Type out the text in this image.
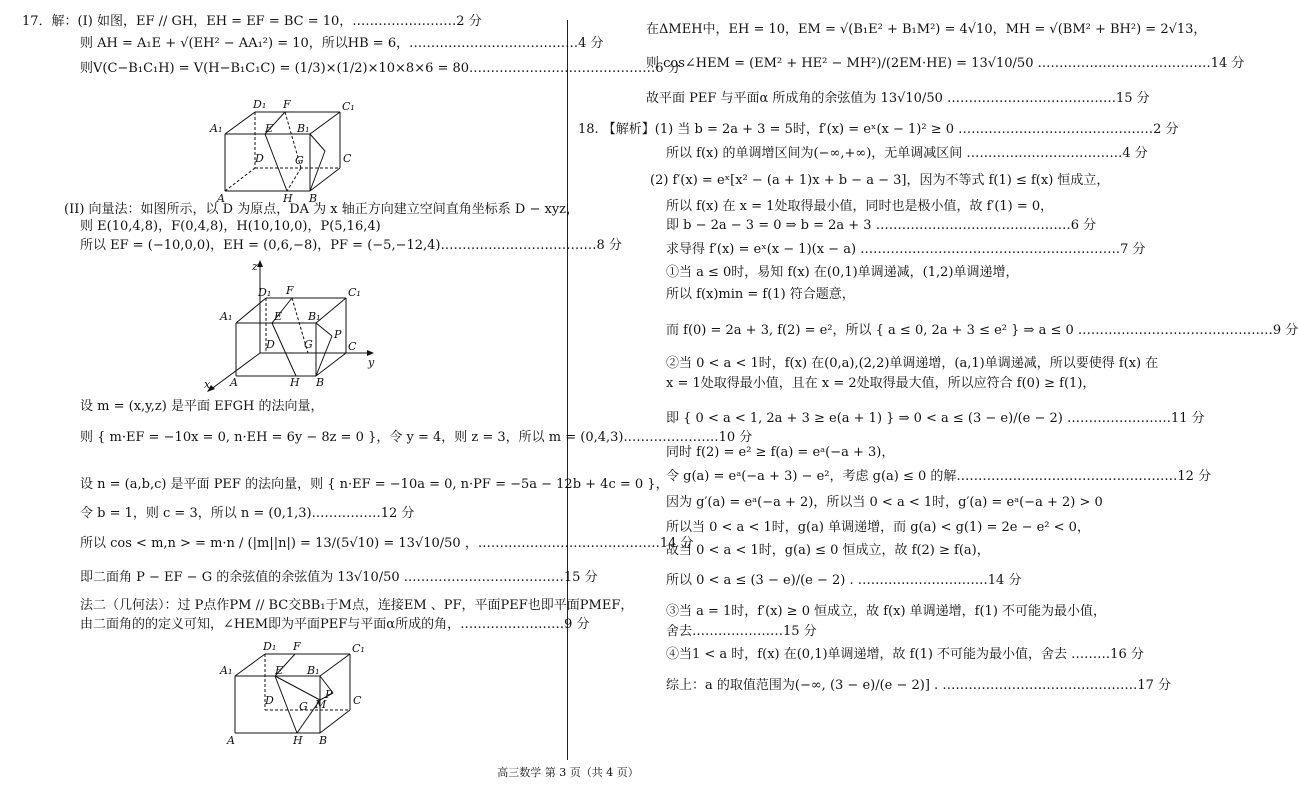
17．解：(I) 如图，EF // GH，EH = EF = BC = 10，……………………2 分
则 AH = A₁E + √(EH² − AA₁²) = 10，所以HB = 6，…………………………………4 分
则V(C−B₁C₁H) = V(H−B₁C₁C) = (1/3)×(1/2)×10×8×6 = 80.……………………………………6 分
(II) 向量法：如图所示，以 D 为原点，DA 为 x 轴正方向建立空间直角坐标系 D − xyz，
则 E(10,4,8)，F(0,4,8)，H(10,10,0)，P(5,16,4)
所以 EF = (−10,0,0)，EH = (0,6,−8)，PF = (−5,−12,4)………………………………8 分
设 m = (x,y,z) 是平面 EFGH 的法向量，
则 { m·EF = −10x = 0, n·EH = 6y − 8z = 0 }，令 y = 4，则 z = 3，所以 m = (0,4,3).…………………10 分
设 n = (a,b,c) 是平面 PEF 的法向量，则 { n·EF = −10a = 0, n·PF = −5a − 12b + 4c = 0 }，
令 b = 1，则 c = 3，所以 n = (0,1,3).……………12 分
所以 cos < m,n > = m·n / (|m||n|) = 13/(5√10) = 13√10/50 ，……………………………………14 分
即二面角 P − EF − G 的余弦值的余弦值为 13√10/50 .………………………………15 分
法二（几何法）：过 P点作PM // BC交BB₁于M点，连接EM 、PF，平面PEF也即平面PMEF，
由二面角的的定义可知，∠HEM即为平面PEF与平面α所成的角，……………………9 分
在ΔMEH中，EH = 10，EM = √(B₁E² + B₁M²) = 4√10，MH = √(BM² + BH²) = 2√13，
则 cos∠HEM = (EM² + HE² − MH²)/(2EM·HE) = 13√10/50 .…………………………………14 分
故平面 PEF 与平面α 所成角的余弦值为 13√10/50 …………………………………15 分
18. 【解析】(1) 当 b = 2a + 3 = 5时，f′(x) = eˣ(x − 1)² ≥ 0 ………………………………………2 分
所以 f(x) 的单调增区间为(−∞,+∞)，无单调减区间 ………………………………4 分
(2) f′(x) = eˣ[x² − (a + 1)x + b − a − 3]，因为不等式 f(1) ≤ f(x) 恒成立，
所以 f(x) 在 x = 1处取得最小值，同时也是极小值，故 f′(1) = 0，
即 b − 2a − 3 = 0 ⇒ b = 2a + 3 ………………………………………6 分
求导得 f′(x) = eˣ(x − 1)(x − a) ……………………………………………………7 分
①当 a ≤ 0时，易知 f(x) 在(0,1)单调递减，(1,2)单调递增，
所以 f(x)min = f(1) 符合题意，
而 f(0) = 2a + 3, f(2) = e²，所以 { a ≤ 0, 2a + 3 ≤ e² } ⇒ a ≤ 0 ………………………………………9 分
②当 0 < a < 1时，f(x) 在(0,a),(2,2)单调递增，(a,1)单调递减，所以要使得 f(x) 在
x = 1处取得最小值，且在 x = 2处取得最大值，所以应符合 f(0) ≥ f(1)，
即 { 0 < a < 1, 2a + 3 ≥ e(a + 1) } ⇒ 0 < a ≤ (3 − e)/(e − 2) ……………………11 分
同时 f(2) = e² ≥ f(a) = eᵃ(−a + 3)，
令 g(a) = eᵃ(−a + 3) − e²，考虑 g(a) ≤ 0 的解……………………………………………12 分
因为 g′(a) = eᵃ(−a + 2)，所以当 0 < a < 1时，g′(a) = eᵃ(−a + 2) > 0
所以当 0 < a < 1时，g(a) 单调递增，而 g(a) < g(1) = 2e − e² < 0，
故当 0 < a < 1时，g(a) ≤ 0 恒成立，故 f(2) ≥ f(a)，
所以 0 < a ≤ (3 − e)/(e − 2) . …………………………14 分
③当 a = 1时，f′(x) ≥ 0 恒成立，故 f(x) 单调递增，f(1) 不可能为最小值，
舍去…………………15 分
④当1 < a 时，f(x) 在(0,1)单调递增，故 f(1) 不可能为最小值，舍去 ………16 分
综上：a 的取值范围为(−∞, (3 − e)/(e − 2)] . ………………………………………17 分
D₁ F	C₁
A₁	E B₁
D	G	C
A	H B
z
D₁ F	C₁
A₁	E B₁
P
D	G	C
y
x A	H B
D₁ F	C₁
A₁	E B₁
D G M
P C
A	H B
高三数学 第 3 页（共 4 页）
